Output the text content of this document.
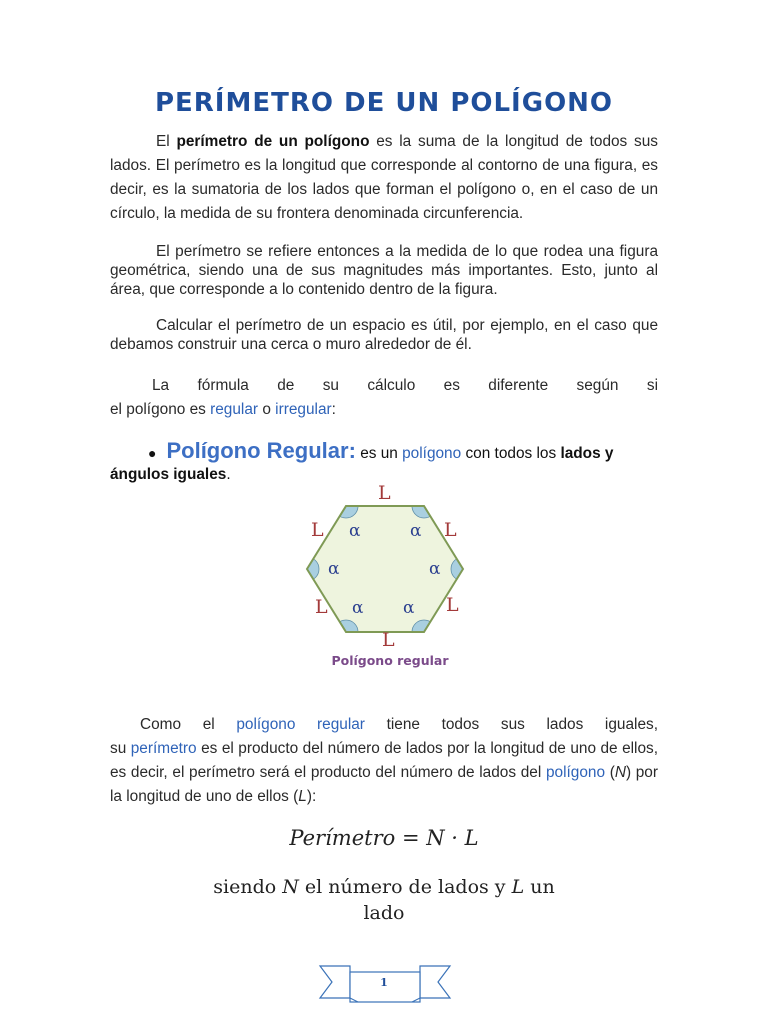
PERÍMETRO DE UN POLÍGONO

El perímetro de un polígono es la suma de la longitud de todos sus lados. El perímetro es la longitud que corresponde al contorno de una figura, es decir, es la sumatoria de los lados que forman el polígono o, en el caso de un círculo, la medida de su frontera denominada circunferencia.

El perímetro se refiere entonces a la medida de lo que rodea una figura geométrica, siendo una de sus magnitudes más importantes. Esto, junto al área, que corresponde a lo contenido dentro de la figura.

Calcular el perímetro de un espacio es útil, por ejemplo, en el caso que debamos construir una cerca o muro alrededor de él.

La fórmula de su cálculo es diferente según si
el polígono es regular o irregular:

● Polígono Regular: es un polígono con todos los lados y ángulos iguales.

L
L	L
L	L
L
α	α
α	α
α α
Polígono regular
Como el polígono regular tiene todos sus lados iguales,
su perímetro es el producto del número de lados por la longitud de uno de ellos, es decir, el perímetro será el producto del número de lados del polígono (N) por la longitud de uno de ellos (L):
Perímetro = N · L
siendo N el número de lados y L un lado
1
